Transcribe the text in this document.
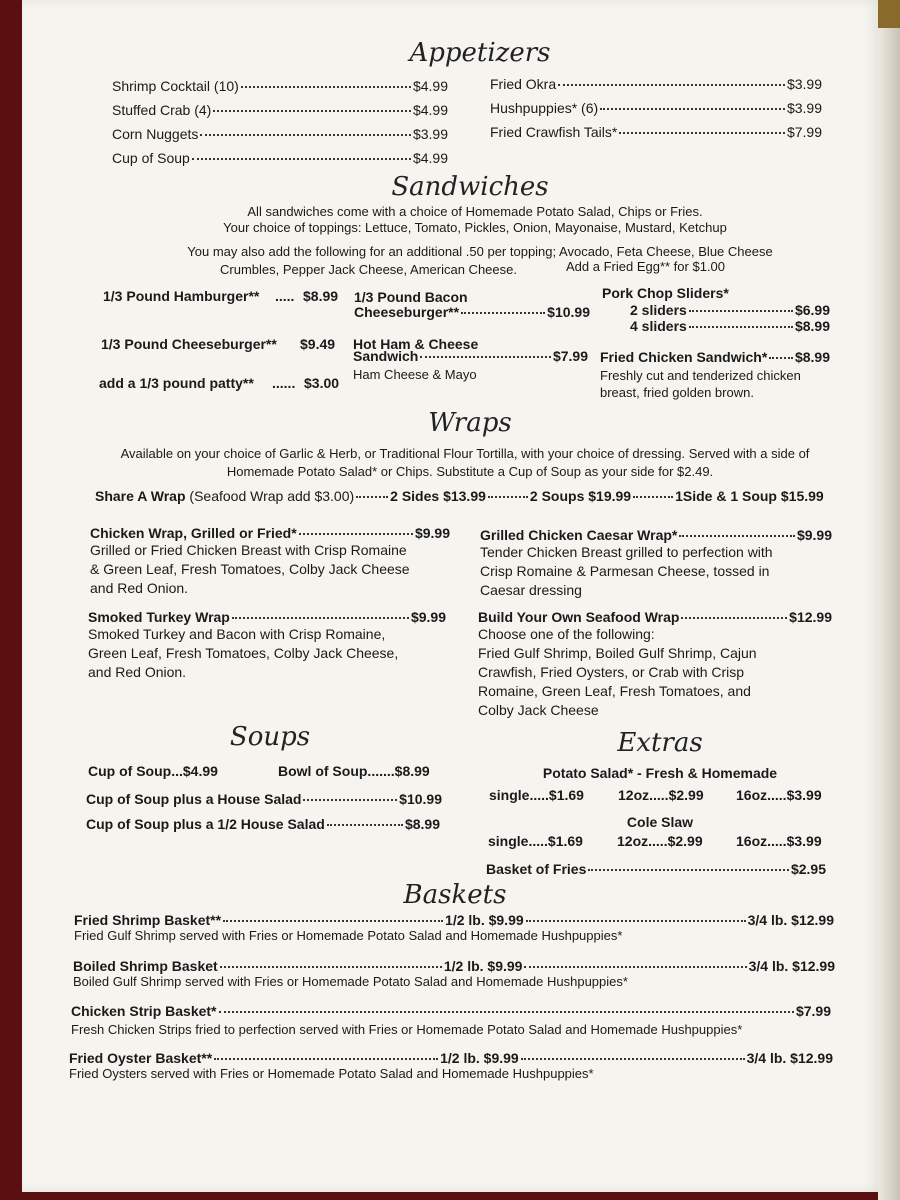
Appetizers
Shrimp Cocktail (10)	$4.99
Stuffed Crab (4)	$4.99
Corn Nuggets	$3.99
Cup of Soup	$4.99
Fried Okra	$3.99
Hushpuppies* (6)	$3.99
Fried Crawfish Tails*	$7.99
Sandwiches
All sandwiches come with a choice of Homemade Potato Salad, Chips or Fries.
Your choice of toppings: Lettuce, Tomato, Pickles, Onion, Mayonaise, Mustard, Ketchup
You may also add the following for an additional .50 per topping; Avocado, Feta Cheese, Blue Cheese
Crumbles, Pepper Jack Cheese, American Cheese.	Add a Fried Egg** for $1.00
1/3 Pound Hamburger** ..... $8.99
1/3 Pound Cheeseburger** $9.49
add a 1/3 pound patty** ...... $3.00
1/3 Pound Bacon
Cheeseburger**	$10.99
Hot Ham & Cheese
Sandwich	$7.99
Ham Cheese & Mayo
Pork Chop Sliders*
2 sliders	$6.99
4 sliders	$8.99
Fried Chicken Sandwich* $8.99
Freshly cut and tenderized chicken
breast, fried golden brown.
Wraps
Available on your choice of Garlic & Herb, or Traditional Flour Tortilla, with your choice of dressing. Served with a side of
Homemade Potato Salad* or Chips. Substitute a Cup of Soup as your side for $2.49.
Share A Wrap
(Seafood Wrap add $3.00)	2 Sides $13.99	2 Soups $19.99	1Side & 1 Soup $15.99
Chicken Wrap, Grilled or Fried*	$9.99
Grilled or Fried Chicken Breast with Crisp Romaine
& Green Leaf, Fresh Tomatoes, Colby Jack Cheese
and Red Onion.
Smoked Turkey Wrap	$9.99
Smoked Turkey and Bacon with Crisp Romaine,
Green Leaf, Fresh Tomatoes, Colby Jack Cheese,
and Red Onion.
Grilled Chicken Caesar Wrap*	$9.99
Tender Chicken Breast grilled to perfection with
Crisp Romaine & Parmesan Cheese, tossed in
Caesar dressing
Build Your Own Seafood Wrap	$12.99
Choose one of the following:
Fried Gulf Shrimp, Boiled Gulf Shrimp, Cajun
Crawfish, Fried Oysters, or Crab with Crisp
Romaine, Green Leaf, Fresh Tomatoes, and
Colby Jack Cheese
Soups
Cup of Soup...$4.99	Bowl of Soup.......$8.99
Cup of Soup plus a House Salad	$10.99
Cup of Soup plus a 1/2 House Salad	$8.99
Extras
Potato Salad* - Fresh & Homemade
single.....$1.69 12oz.....$2.99 16oz.....$3.99
Cole Slaw
single.....$1.69 12oz.....$2.99 16oz.....$3.99
Basket of Fries	$2.95
Baskets
Fried Shrimp Basket**	1/2 lb. $9.99	3/4 lb. $12.99
Fried Gulf Shrimp served with Fries or Homemade Potato Salad and Homemade Hushpuppies*
Boiled Shrimp Basket	1/2 lb. $9.99	3/4 lb. $12.99
Boiled Gulf Shrimp served with Fries or Homemade Potato Salad and Homemade Hushpuppies*
Chicken Strip Basket*	$7.99
Fresh Chicken Strips fried to perfection served with Fries or Homemade Potato Salad and Homemade Hushpuppies*
Fried Oyster Basket**	1/2 lb. $9.99	3/4 lb. $12.99
Fried Oysters served with Fries or Homemade Potato Salad and Homemade Hushpuppies*
